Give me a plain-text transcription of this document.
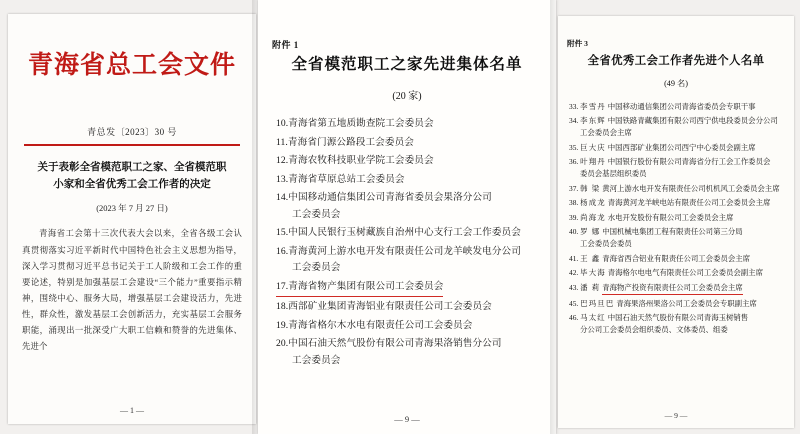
青海省总工会文件
青总发〔2023〕30 号
关于表彰全省模范职工之家、全省模范职
小家和全省优秀工会工作者的决定
(2023 年 7 月 27 日)
青海省工会第十三次代表大会以来，全省各级工会认真贯彻落实习近平新时代中国特色社会主义思想为指导，深入学习贯彻习近平总书记关于工人阶级和工会工作的重要论述，特别是加强基层工会建设“三个能力”重要指示精神，围绕中心、服务大局，增强基层工会建设活力，先进性，群众性，激发基层工会创新活力，充实基层工会服务职能，涌现出一批深受广大职工信赖和赞誉的先进集体、先进个
— 1 —
附件 1
全省模范职工之家先进集体名单
(20 家)
10.青海省第五地质勘查院工会委员会
11.青海省门源公路段工会委员会
12.青海农牧科技职业学院工会委员会
13.青海省草原总站工会委员会
14.中国移动通信集团公司青海省委员会果洛分公司
工会委员会
15.中国人民银行玉树藏族自治州中心支行工会工作委员会
16.青海黄河上游水电开发有限责任公司龙羊峡发电分公司
工会委员会
17.青海省物产集团有限公司工会委员会
18.西部矿业集团青海铝业有限责任公司工会委员会
19.青海省格尔木水电有限责任公司工会委员会
20.中国石油天然气股份有限公司青海果洛销售分公司
工会委员会
— 9 —
附件 3
全省优秀工会工作者先进个人名单
(49 名)
33. 李雪丹 中国移动通信集团公司青海省委员会专职干事
34. 李东辉 中国铁路青藏集团有限公司西宁供电段委员会分公司
工会委员会主席
35. 巨大庆 中国西部矿业集团公司西宁中心委员会副主席
36. 叶翔丹 中国银行股份有限公司青海省分行工会工作委员会
委员会基层组织委员
37. 韩 梁 黄河上游水电开发有限责任公司机机风工会委员会主席
38. 杨成龙 青海黄河龙羊峡电站有限责任公司工会委员会主席
39. 尚海龙 水电开发股份有限公司工会委员会主席
40. 罗 娜 中国机械电集团工程有限责任公司第三分局
工会委员会委员
41. 王 鑫 青海省西合铝业有限责任公司工会委员会主席
42. 毕大海 青海格尔电电气有限责任公司工会委员会副主席
43. 潘 莉 青海物产投资有限责任公司工会委员会主席
45. 巴玛旦巴 青海果洛州果洛公司工会委员会专职副主席
46. 马太红 中国石油天然气股份有限公司青海玉树销售
分公司工会委员会组织委员、文体委员、组委
— 9 —
